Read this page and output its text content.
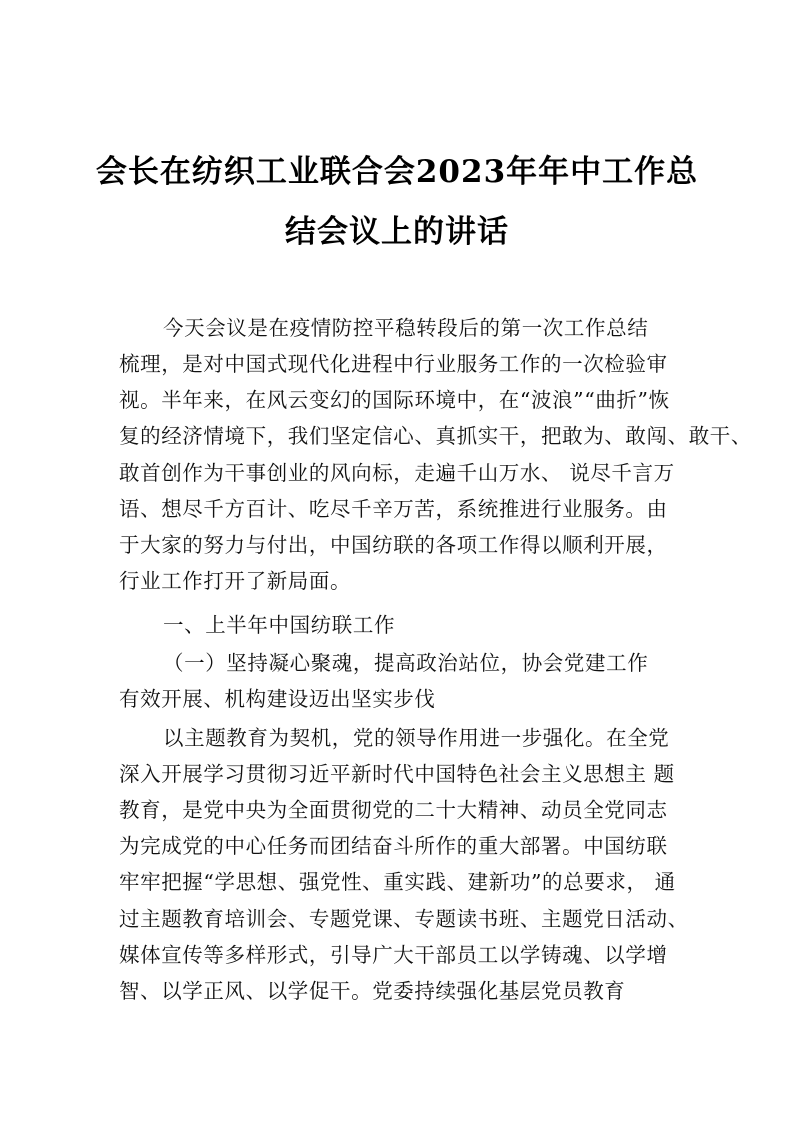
会长在纺织工业联合会2023年年中工作总
结会议上的讲话
今天会议是在疫情防控平稳转段后的第一次工作总结
梳理，是对中国式现代化进程中行业服务工作的一次检验审
视。半年来，在风云变幻的国际环境中，在“波浪”“曲折”恢
复的经济情境下，我们坚定信心、真抓实干，把敢为、敢闯、敢干、
敢首创作为干事创业的风向标，走遍千山万水、 说尽千言万
语、想尽千方百计、吃尽千辛万苦，系统推进行业服务。由
于大家的努力与付出，中国纺联的各项工作得以顺利开展，
行业工作打开了新局面。
一、上半年中国纺联工作
（一）坚持凝心聚魂，提高政治站位，协会党建工作
有效开展、机构建设迈出坚实步伐
以主题教育为契机，党的领导作用进一步强化。在全党
深入开展学习贯彻习近平新时代中国特色社会主义思想主 题
教育，是党中央为全面贯彻党的二十大精神、动员全党同志
为完成党的中心任务而团结奋斗所作的重大部署。中国纺联
牢牢把握“学思想、强党性、重实践、建新功”的总要求， 通
过主题教育培训会、专题党课、专题读书班、主题党日活动、
媒体宣传等多样形式，引导广大干部员工以学铸魂、以学增
智、以学正风、以学促干。党委持续强化基层党员教育
